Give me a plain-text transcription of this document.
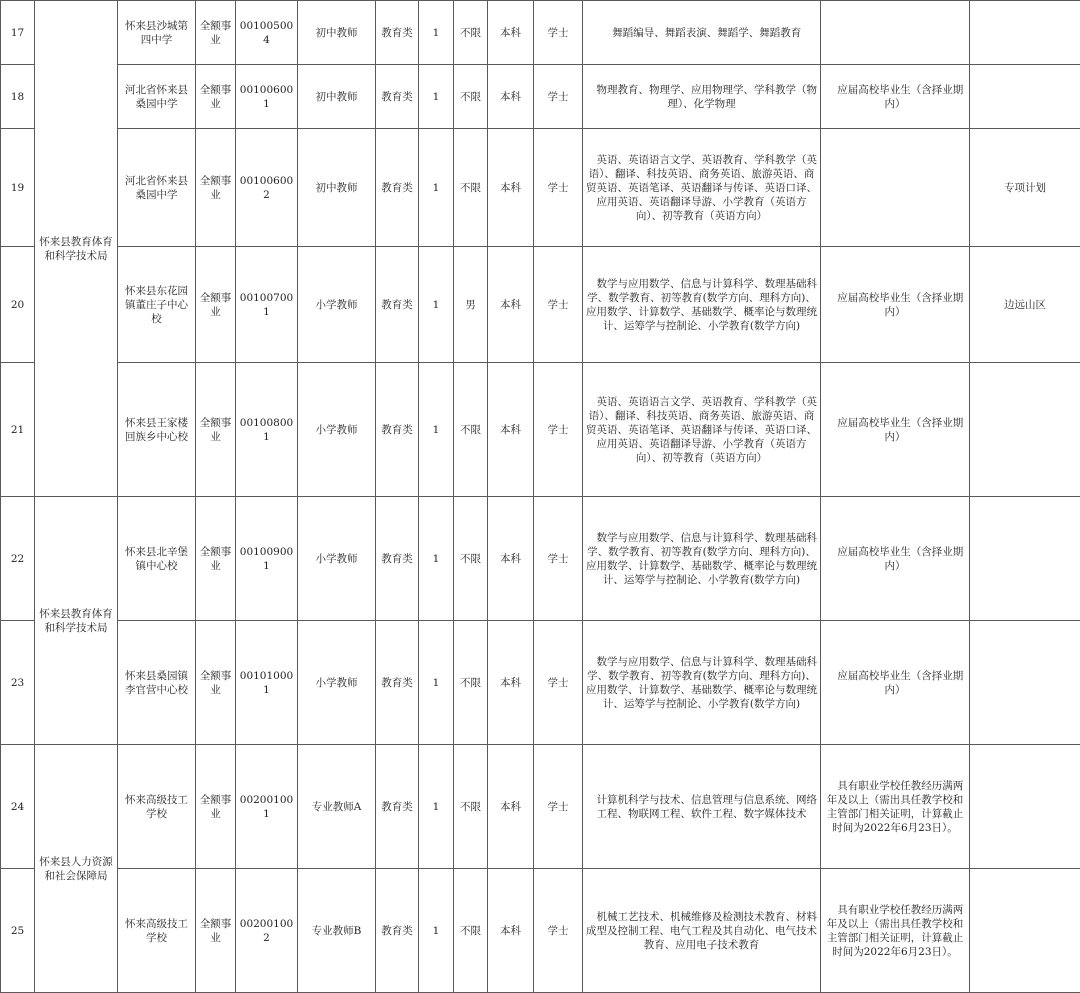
17	怀来县教育体育和科学技术局	怀来县沙城第四中学	全额事业	001005004	初中教师	教育类	1	不限	本科	学士	舞蹈编导、舞蹈表演、舞蹈学、舞蹈教育		

18		河北省怀来县桑园中学	全额事业	001006001	初中教师	教育类	1	不限	本科	学士	物理教育、物理学、应用物理学、学科教学（物理）、化学物理	应届高校毕业生（含择业期内）	

19		河北省怀来县桑园中学	全额事业	001006002	初中教师	教育类	1	不限	本科	学士	英语、英语语言文学、英语教育、学科教学（英语）、翻译、科技英语、商务英语、旅游英语、商贸英语、英语笔译、英语翻译与传译、英语口译、应用英语、英语翻译导游、小学教育（英语方向）、初等教育（英语方向）		专项计划
20		怀来县东花园镇董庄子中心校	全额事业	001007001	小学教师	教育类	1	男	本科	学士	数学与应用数学、信息与计算科学、数理基础科学、数学教育、初等教育(数学方向、理科方向)、应用数学、计算数学、基础数学、概率论与数理统计、运筹学与控制论、小学教育(数学方向)	应届高校毕业生（含择业期内）	边远山区
21		怀来县王家楼回族乡中心校	全额事业	001008001	小学教师	教育类	1	不限	本科	学士	英语、英语语言文学、英语教育、学科教学（英语）、翻译、科技英语、商务英语、旅游英语、商贸英语、英语笔译、英语翻译与传译、英语口译、应用英语、英语翻译导游、小学教育（英语方向）、初等教育（英语方向）	应届高校毕业生（含择业期内）	

22	怀来县教育体育和科学技术局	怀来县北辛堡镇中心校	全额事业	001009001	小学教师	教育类	1	不限	本科	学士	数学与应用数学、信息与计算科学、数理基础科学、数学教育、初等教育(数学方向、理科方向)、应用数学、计算数学、基础数学、概率论与数理统计、运筹学与控制论、小学教育(数学方向)	应届高校毕业生（含择业期内）	

23		怀来县桑园镇李官营中心校	全额事业	001010001	小学教师	教育类	1	不限	本科	学士	数学与应用数学、信息与计算科学、数理基础科学、数学教育、初等教育(数学方向、理科方向)、应用数学、计算数学、基础数学、概率论与数理统计、运筹学与控制论、小学教育(数学方向)	应届高校毕业生（含择业期内）	

24	怀来县人力资源和社会保障局	怀来高级技工学校	全额事业	002001001	专业教师A	教育类	1	不限	本科	学士	计算机科学与技术、信息管理与信息系统、网络工程、物联网工程、软件工程、数字媒体技术	具有职业学校任教经历满两年及以上（需出具任教学校和主管部门相关证明，计算截止时间为2022年6月23日）。	

25		怀来高级技工学校	全额事业	002001002	专业教师B	教育类	1	不限	本科	学士	机械工艺技术、机械维修及检测技术教育、材料成型及控制工程、电气工程及其自动化、电气技术教育、应用电子技术教育	具有职业学校任教经历满两年及以上（需出具任教学校和主管部门相关证明，计算截止时间为2022年6月23日）。	
